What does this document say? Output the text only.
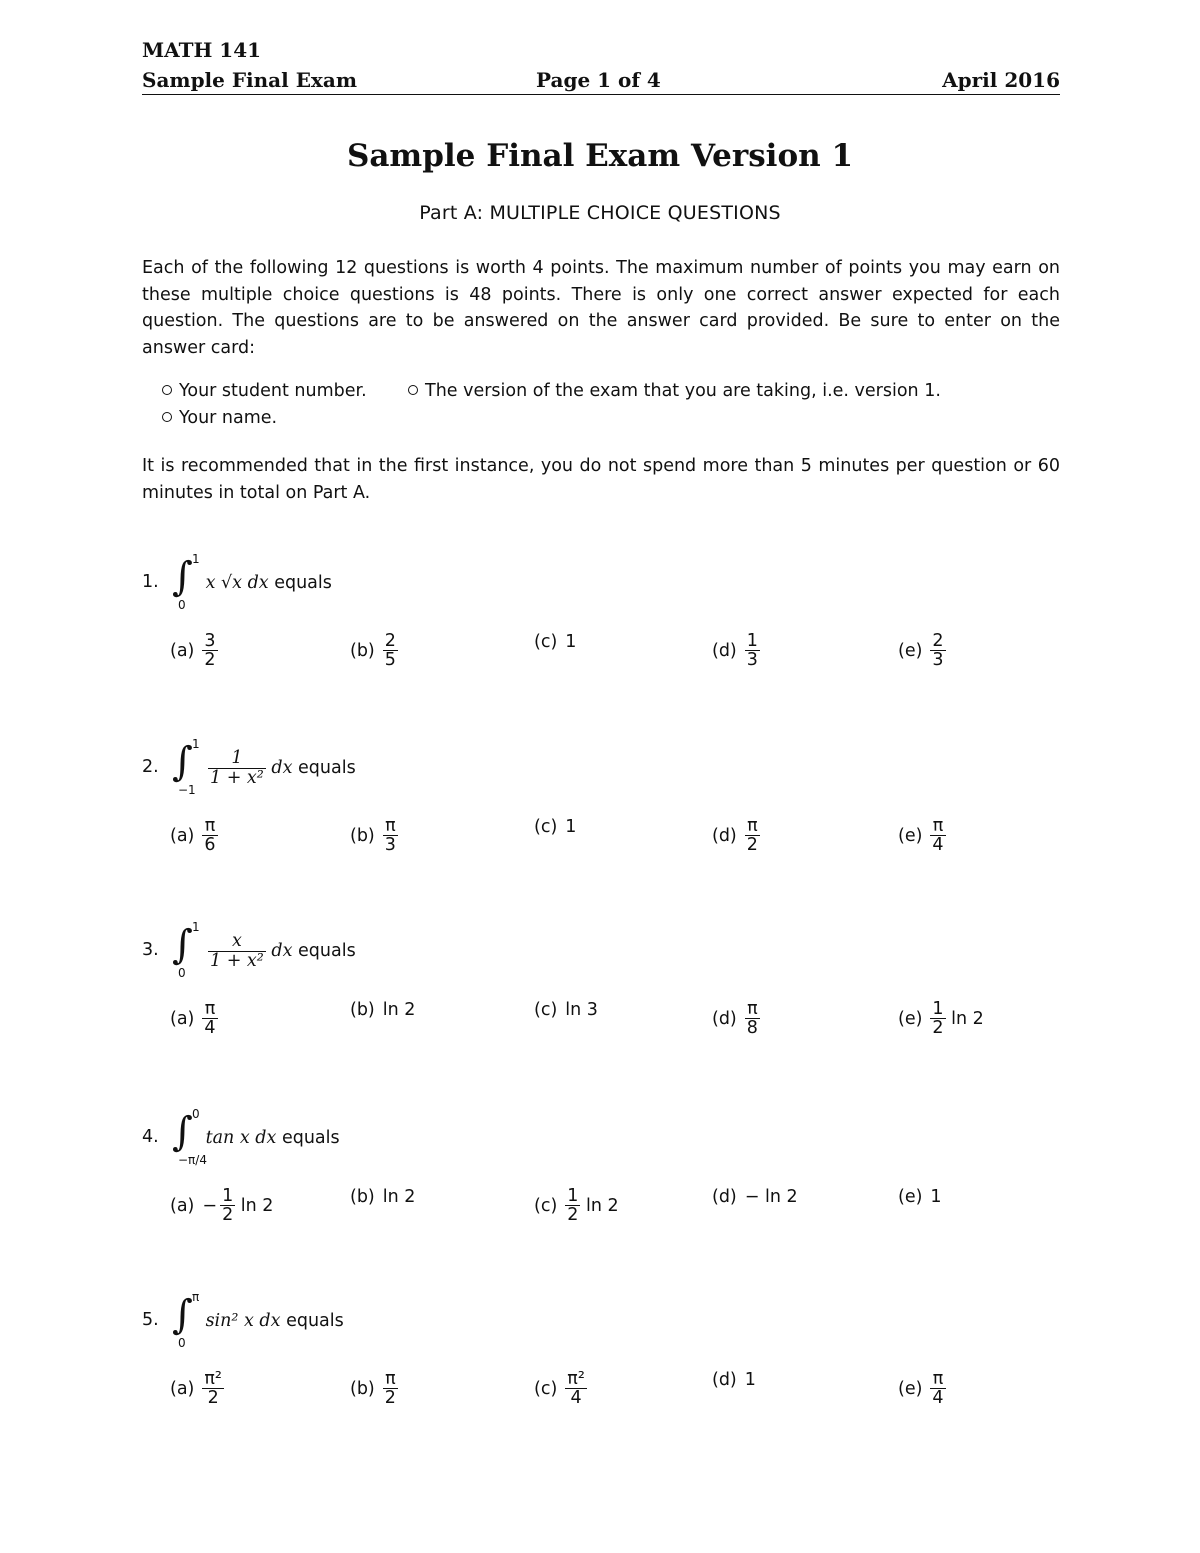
MATH 141
Sample Final Exam	Page 1 of 4	April 2016
Sample Final Exam Version 1
Part A: MULTIPLE CHOICE QUESTIONS
Each of the following 12 questions is worth 4 points. The maximum number of points you may earn on these multiple choice questions is 48 points. There is only one correct answer expected for each question. The questions are to be answered on the answer card provided. Be sure to enter on the answer card:
Your student number.	The version of the exam that you are taking, i.e. version 1.
Your name.
It is recommended that in the first instance, you do not spend more than 5 minutes per question or 60 minutes in total on Part A.
1. ∫ 1
0
x √x dx equals
$(a) \frac{3}{2}$	$(b) \frac{2}{5}$	(c) 1	$(d) \frac{1}{3}$	$(e) \frac{2}{3}$
2. ∫ 1
−1
$\frac{1}{\text{1 + x²}}$ dx equals
$(a) \frac{\pi}{6}$	$(b) \frac{\pi}{3}$	(c) 1	$(d) \frac{\pi}{2}$	$(e) \frac{\pi}{4}$
3. ∫ 1
0
$\frac{x}{\text{1 + x²}}$ dx equals
$(a) \frac{\pi}{4}$	(b) ln 2	(c) ln 3	$(d) \frac{\pi}{8}$	$(e) \frac{1}{2}$ ln 2
4. ∫ 0
−π/4
tan x dx equals
$(a) - \frac{1}{2}$ ln 2	(b) ln 2	$(c) \frac{1}{2}$ ln 2	(d) − ln 2	(e) 1
5. ∫ π
0
sin² x dx equals
$(a) \frac{\text{π²}}{2}$	$(b) \frac{\pi}{2}$	$(c) \frac{\text{π²}}{4}$	(d) 1	$(e) \frac{\pi}{4}$
